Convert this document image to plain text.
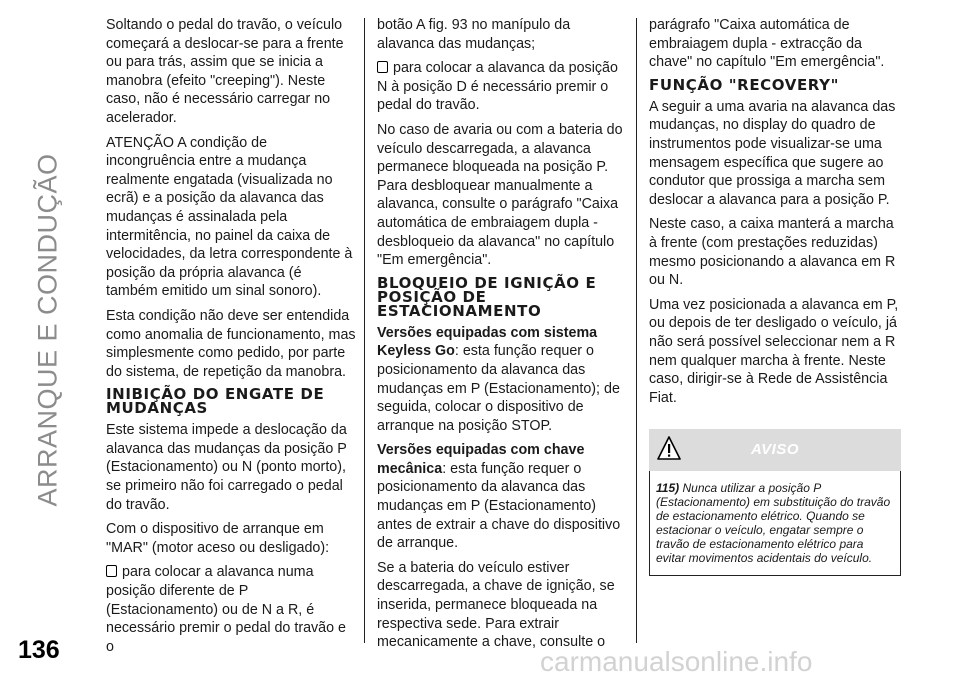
ARRANQUE E CONDUÇÃO
136	carmanualsonline.info

Soltando o pedal do travão, o veículo começará a deslocar-se para a frente ou para trás, assim que se inicia a manobra (efeito "creeping"). Neste caso, não é necessário carregar no acelerador.

ATENÇÃO A condição de incongruência entre a mudança realmente engatada (visualizada no ecrã) e a posição da alavanca das mudanças é assinalada pela intermitência, no painel da caixa de velocidades, da letra correspondente à posição da própria alavanca (é também emitido um sinal sonoro).

Esta condição não deve ser entendida como anomalia de funcionamento, mas simplesmente como pedido, por parte do sistema, de repetição da manobra.

INIBIÇÃO DO ENGATE DE MUDANÇAS

Este sistema impede a deslocação da alavanca das mudanças da posição P (Estacionamento) ou N (ponto morto), se primeiro não foi carregado o pedal do travão.

Com o dispositivo de arranque em "MAR" (motor aceso ou desligado):

para colocar a alavanca numa posição diferente de P (Estacionamento) ou de N a R, é necessário premir o pedal do travão e o

botão A fig. 93 no manípulo da alavanca das mudanças;

para colocar a alavanca da posição N à posição D é necessário premir o pedal do travão.

No caso de avaria ou com a bateria do veículo descarregada, a alavanca permanece bloqueada na posição P. Para desbloquear manualmente a alavanca, consulte o parágrafo "Caixa automática de embraiagem dupla - desbloqueio da alavanca" no capítulo "Em emergência".

BLOQUEIO DE IGNIÇÃO E POSIÇÃO DE ESTACIONAMENTO

Versões equipadas com sistema Keyless Go: esta função requer o posicionamento da alavanca das mudanças em P (Estacionamento); de seguida, colocar o dispositivo de arranque na posição STOP.

Versões equipadas com chave mecânica: esta função requer o posicionamento da alavanca das mudanças em P (Estacionamento) antes de extrair a chave do dispositivo de arranque.

Se a bateria do veículo estiver descarregada, a chave de ignição, se inserida, permanece bloqueada na respectiva sede. Para extrair mecanicamente a chave, consulte o

parágrafo "Caixa automática de embraiagem dupla - extracção da chave" no capítulo "Em emergência".

FUNÇÃO "RECOVERY"

A seguir a uma avaria na alavanca das mudanças, no display do quadro de instrumentos pode visualizar-se uma mensagem específica que sugere ao condutor que prossiga a marcha sem deslocar a alavanca para a posição P.

Neste caso, a caixa manterá a marcha à frente (com prestações reduzidas) mesmo posicionando a alavanca em R ou N.

Uma vez posicionada a alavanca em P, ou depois de ter desligado o veículo, já não será possível seleccionar nem a R nem qualquer marcha à frente. Neste caso, dirigir-se à Rede de Assistência Fiat.

AVISO
115) Nunca utilizar a posição P (Estacionamento) em substituição do travão de estacionamento elétrico. Quando se estacionar o veículo, engatar sempre o travão de estacionamento elétrico para evitar movimentos acidentais do veículo.
